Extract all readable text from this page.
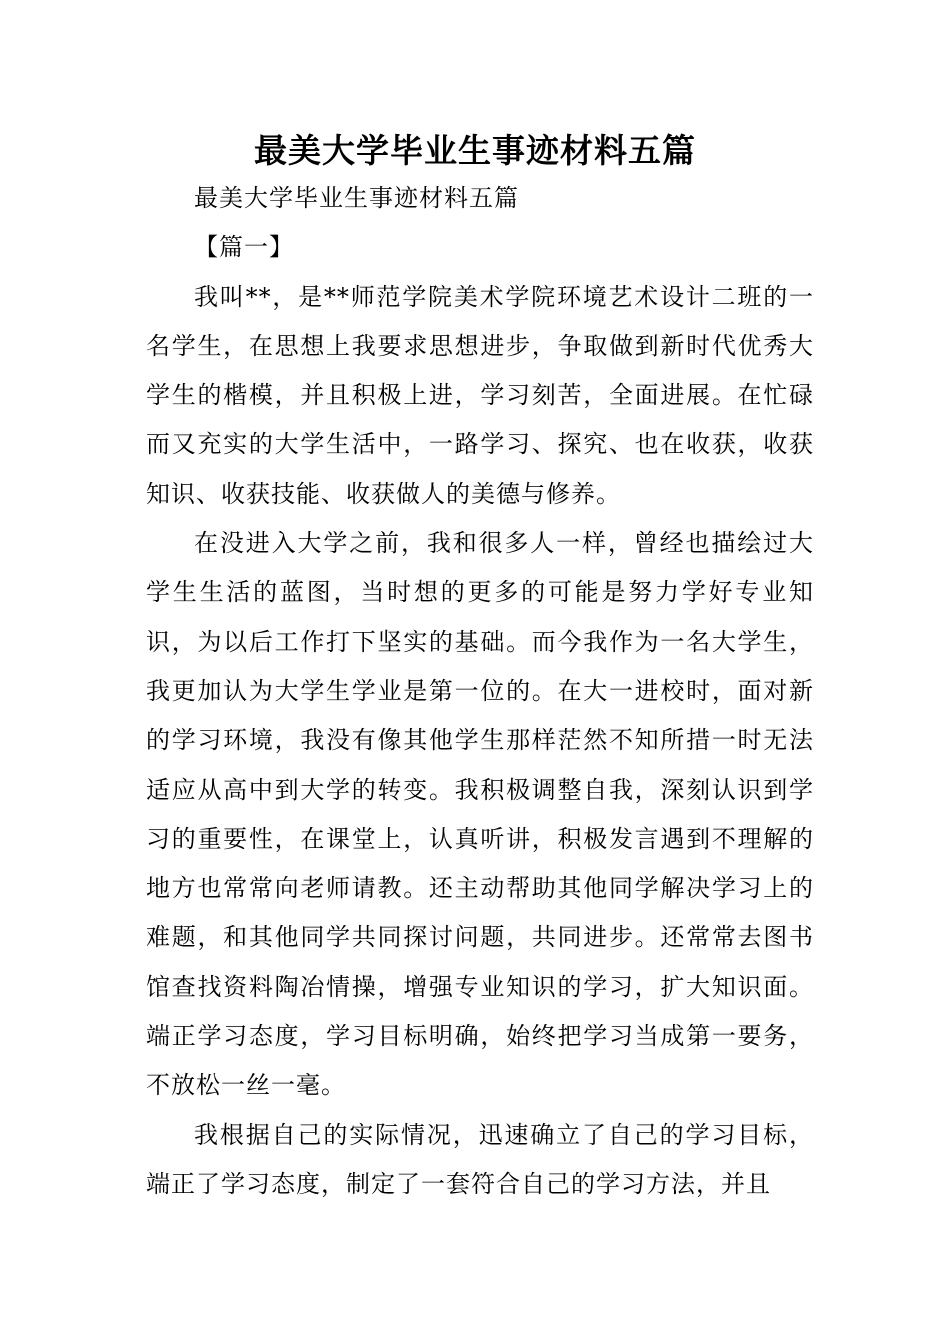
最美大学毕业生事迹材料五篇

最美大学毕业生事迹材料五篇

【篇一】

我叫**，是**师范学院美术学院环境艺术设计二班的一名学生，在思想上我要求思想进步，争取做到新时代优秀大学生的楷模，并且积极上进，学习刻苦，全面进展。在忙碌而又充实的大学生活中，一路学习、探究、也在收获，收获知识、收获技能、收获做人的美德与修养。

在没进入大学之前，我和很多人一样，曾经也描绘过大学生生活的蓝图，当时想的更多的可能是努力学好专业知识，为以后工作打下坚实的基础。而今我作为一名大学生，我更加认为大学生学业是第一位的。在大一进校时，面对新的学习环境，我没有像其他学生那样茫然不知所措一时无法适应从高中到大学的转变。我积极调整自我，深刻认识到学习的重要性，在课堂上，认真听讲，积极发言遇到不理解的地方也常常向老师请教。还主动帮助其他同学解决学习上的难题，和其他同学共同探讨问题，共同进步。还常常去图书馆查找资料陶冶情操，增强专业知识的学习，扩大知识面。端正学习态度，学习目标明确，始终把学习当成第一要务，不放松一丝一毫。

我根据自己的实际情况，迅速确立了自己的学习目标，端正了学习态度，制定了一套符合自己的学习方法，并且
